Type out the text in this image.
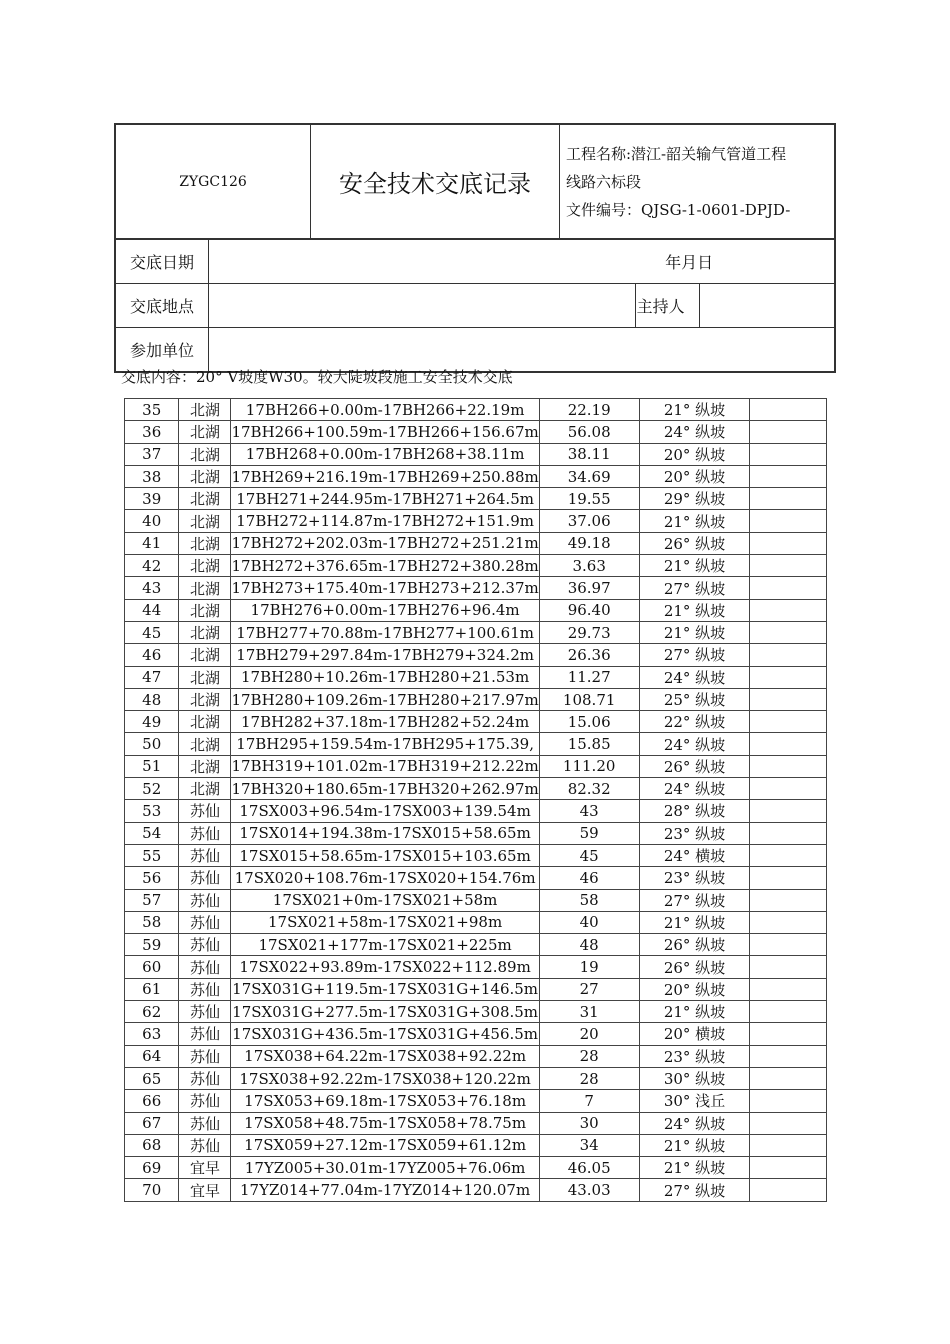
ZYGC126	安全技术交底记录	
工程名称:潜江-韶关输气管道工程
线路六标段
文件编号：QJSG-1-0601-DPJD-
交底日期	年月日		
交底地点		主持人	
参加单位			
交底内容：20° V坡度W30。较大陡坡段施工安全技术交底
35	北湖	17BH266+0.00m-17BH266+22.19m	22.19	21° 纵坡	
36	北湖	17BH266+100.59m-17BH266+156.67m	56.08	24° 纵坡	
37	北湖	17BH268+0.00m-17BH268+38.11m	38.11	20° 纵坡	
38	北湖	17BH269+216.19m-17BH269+250.88m	34.69	20° 纵坡	
39	北湖	17BH271+244.95m-17BH271+264.5m	19.55	29° 纵坡	
40	北湖	17BH272+114.87m-17BH272+151.9m	37.06	21° 纵坡	
41	北湖	17BH272+202.03m-17BH272+251.21m	49.18	26° 纵坡	
42	北湖	17BH272+376.65m-17BH272+380.28m	3.63	21° 纵坡	
43	北湖	17BH273+175.40m-17BH273+212.37m	36.97	27° 纵坡	
44	北湖	17BH276+0.00m-17BH276+96.4m	96.40	21° 纵坡	
45	北湖	17BH277+70.88m-17BH277+100.61m	29.73	21° 纵坡	
46	北湖	17BH279+297.84m-17BH279+324.2m	26.36	27° 纵坡	
47	北湖	17BH280+10.26m-17BH280+21.53m	11.27	24° 纵坡	
48	北湖	17BH280+109.26m-17BH280+217.97m	108.71	25° 纵坡	
49	北湖	17BH282+37.18m-17BH282+52.24m	15.06	22° 纵坡	
50	北湖	17BH295+159.54m-17BH295+175.39,	15.85	24° 纵坡	
51	北湖	17BH319+101.02m-17BH319+212.22m	111.20	26° 纵坡	
52	北湖	17BH320+180.65m-17BH320+262.97m	82.32	24° 纵坡	
53	苏仙	17SX003+96.54m-17SX003+139.54m	43	28° 纵坡	
54	苏仙	17SX014+194.38m-17SX015+58.65m	59	23° 纵坡	
55	苏仙	17SX015+58.65m-17SX015+103.65m	45	24° 横坡	
56	苏仙	17SX020+108.76m-17SX020+154.76m	46	23° 纵坡	
57	苏仙	17SX021+0m-17SX021+58m	58	27° 纵坡	
58	苏仙	17SX021+58m-17SX021+98m	40	21° 纵坡	
59	苏仙	17SX021+177m-17SX021+225m	48	26° 纵坡	
60	苏仙	17SX022+93.89m-17SX022+112.89m	19	26° 纵坡	
61	苏仙	17SX031G+119.5m-17SX031G+146.5m	27	20° 纵坡	
62	苏仙	17SX031G+277.5m-17SX031G+308.5m	31	21° 纵坡	
63	苏仙	17SX031G+436.5m-17SX031G+456.5m	20	20° 横坡	
64	苏仙	17SX038+64.22m-17SX038+92.22m	28	23° 纵坡	
65	苏仙	17SX038+92.22m-17SX038+120.22m	28	30° 纵坡	
66	苏仙	17SX053+69.18m-17SX053+76.18m	7	30° 浅丘	
67	苏仙	17SX058+48.75m-17SX058+78.75m	30	24° 纵坡	
68	苏仙	17SX059+27.12m-17SX059+61.12m	34	21° 纵坡	
69	宜早	17YZ005+30.01m-17YZ005+76.06m	46.05	21° 纵坡	
70	宜早	17YZ014+77.04m-17YZ014+120.07m	43.03	27° 纵坡	
